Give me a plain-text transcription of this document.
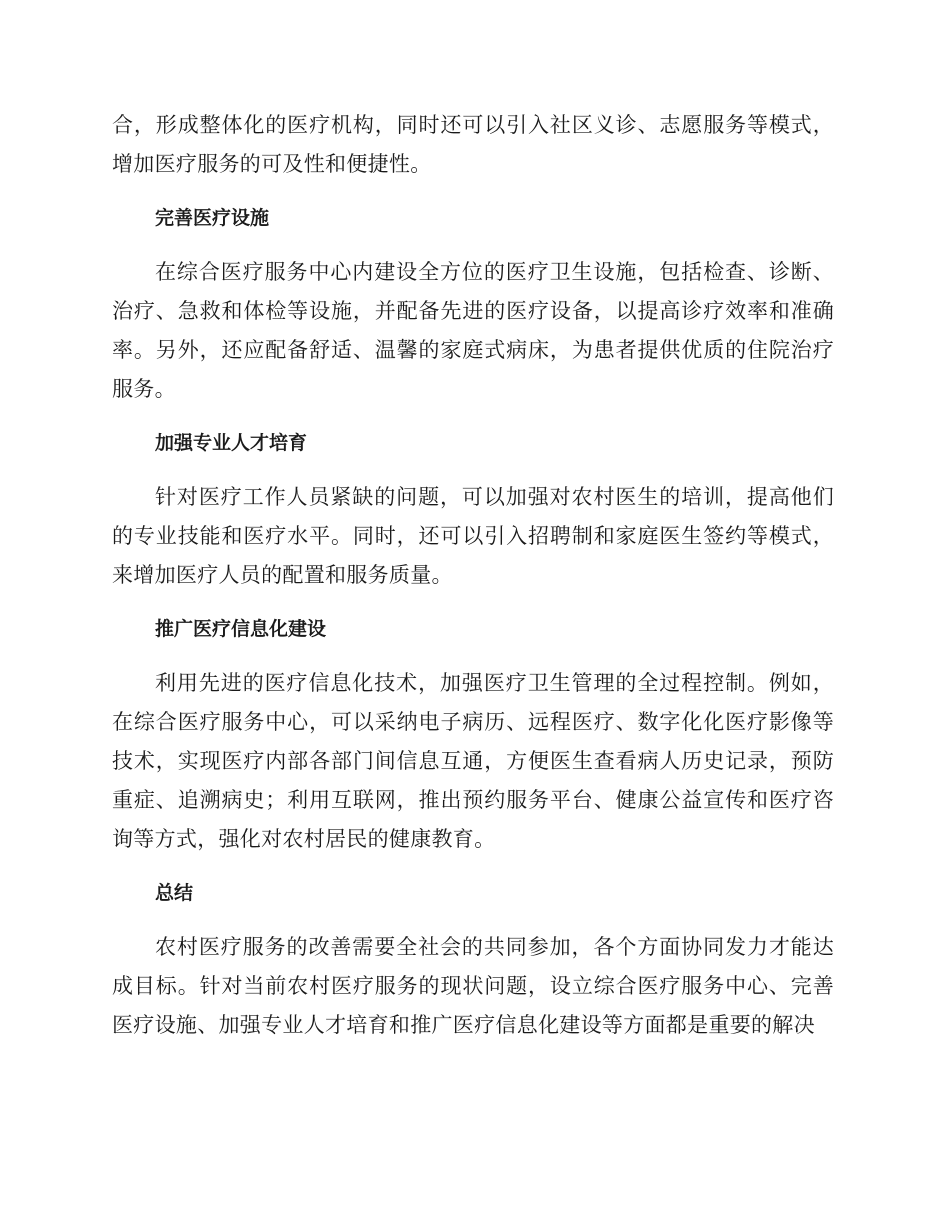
合，形成整体化的医疗机构，同时还可以引入社区义诊、志愿服务等模式，增加医疗服务的可及性和便捷性。

完善医疗设施

在综合医疗服务中心内建设全方位的医疗卫生设施，包括检查、诊断、治疗、急救和体检等设施，并配备先进的医疗设备，以提高诊疗效率和准确率。另外，还应配备舒适、温馨的家庭式病床，为患者提供优质的住院治疗服务。

加强专业人才培育

针对医疗工作人员紧缺的问题，可以加强对农村医生的培训，提高他们的专业技能和医疗水平。同时，还可以引入招聘制和家庭医生签约等模式，来增加医疗人员的配置和服务质量。

推广医疗信息化建设

利用先进的医疗信息化技术，加强医疗卫生管理的全过程控制。例如，在综合医疗服务中心，可以采纳电子病历、远程医疗、数字化化医疗影像等技术，实现医疗内部各部门间信息互通，方便医生查看病人历史记录，预防重症、追溯病史；利用互联网，推出预约服务平台、健康公益宣传和医疗咨询等方式，强化对农村居民的健康教育。

总结

农村医疗服务的改善需要全社会的共同参加，各个方面协同发力才能达成目标。针对当前农村医疗服务的现状问题，设立综合医疗服务中心、完善医疗设施、加强专业人才培育和推广医疗信息化建设等方面都是重要的解决
